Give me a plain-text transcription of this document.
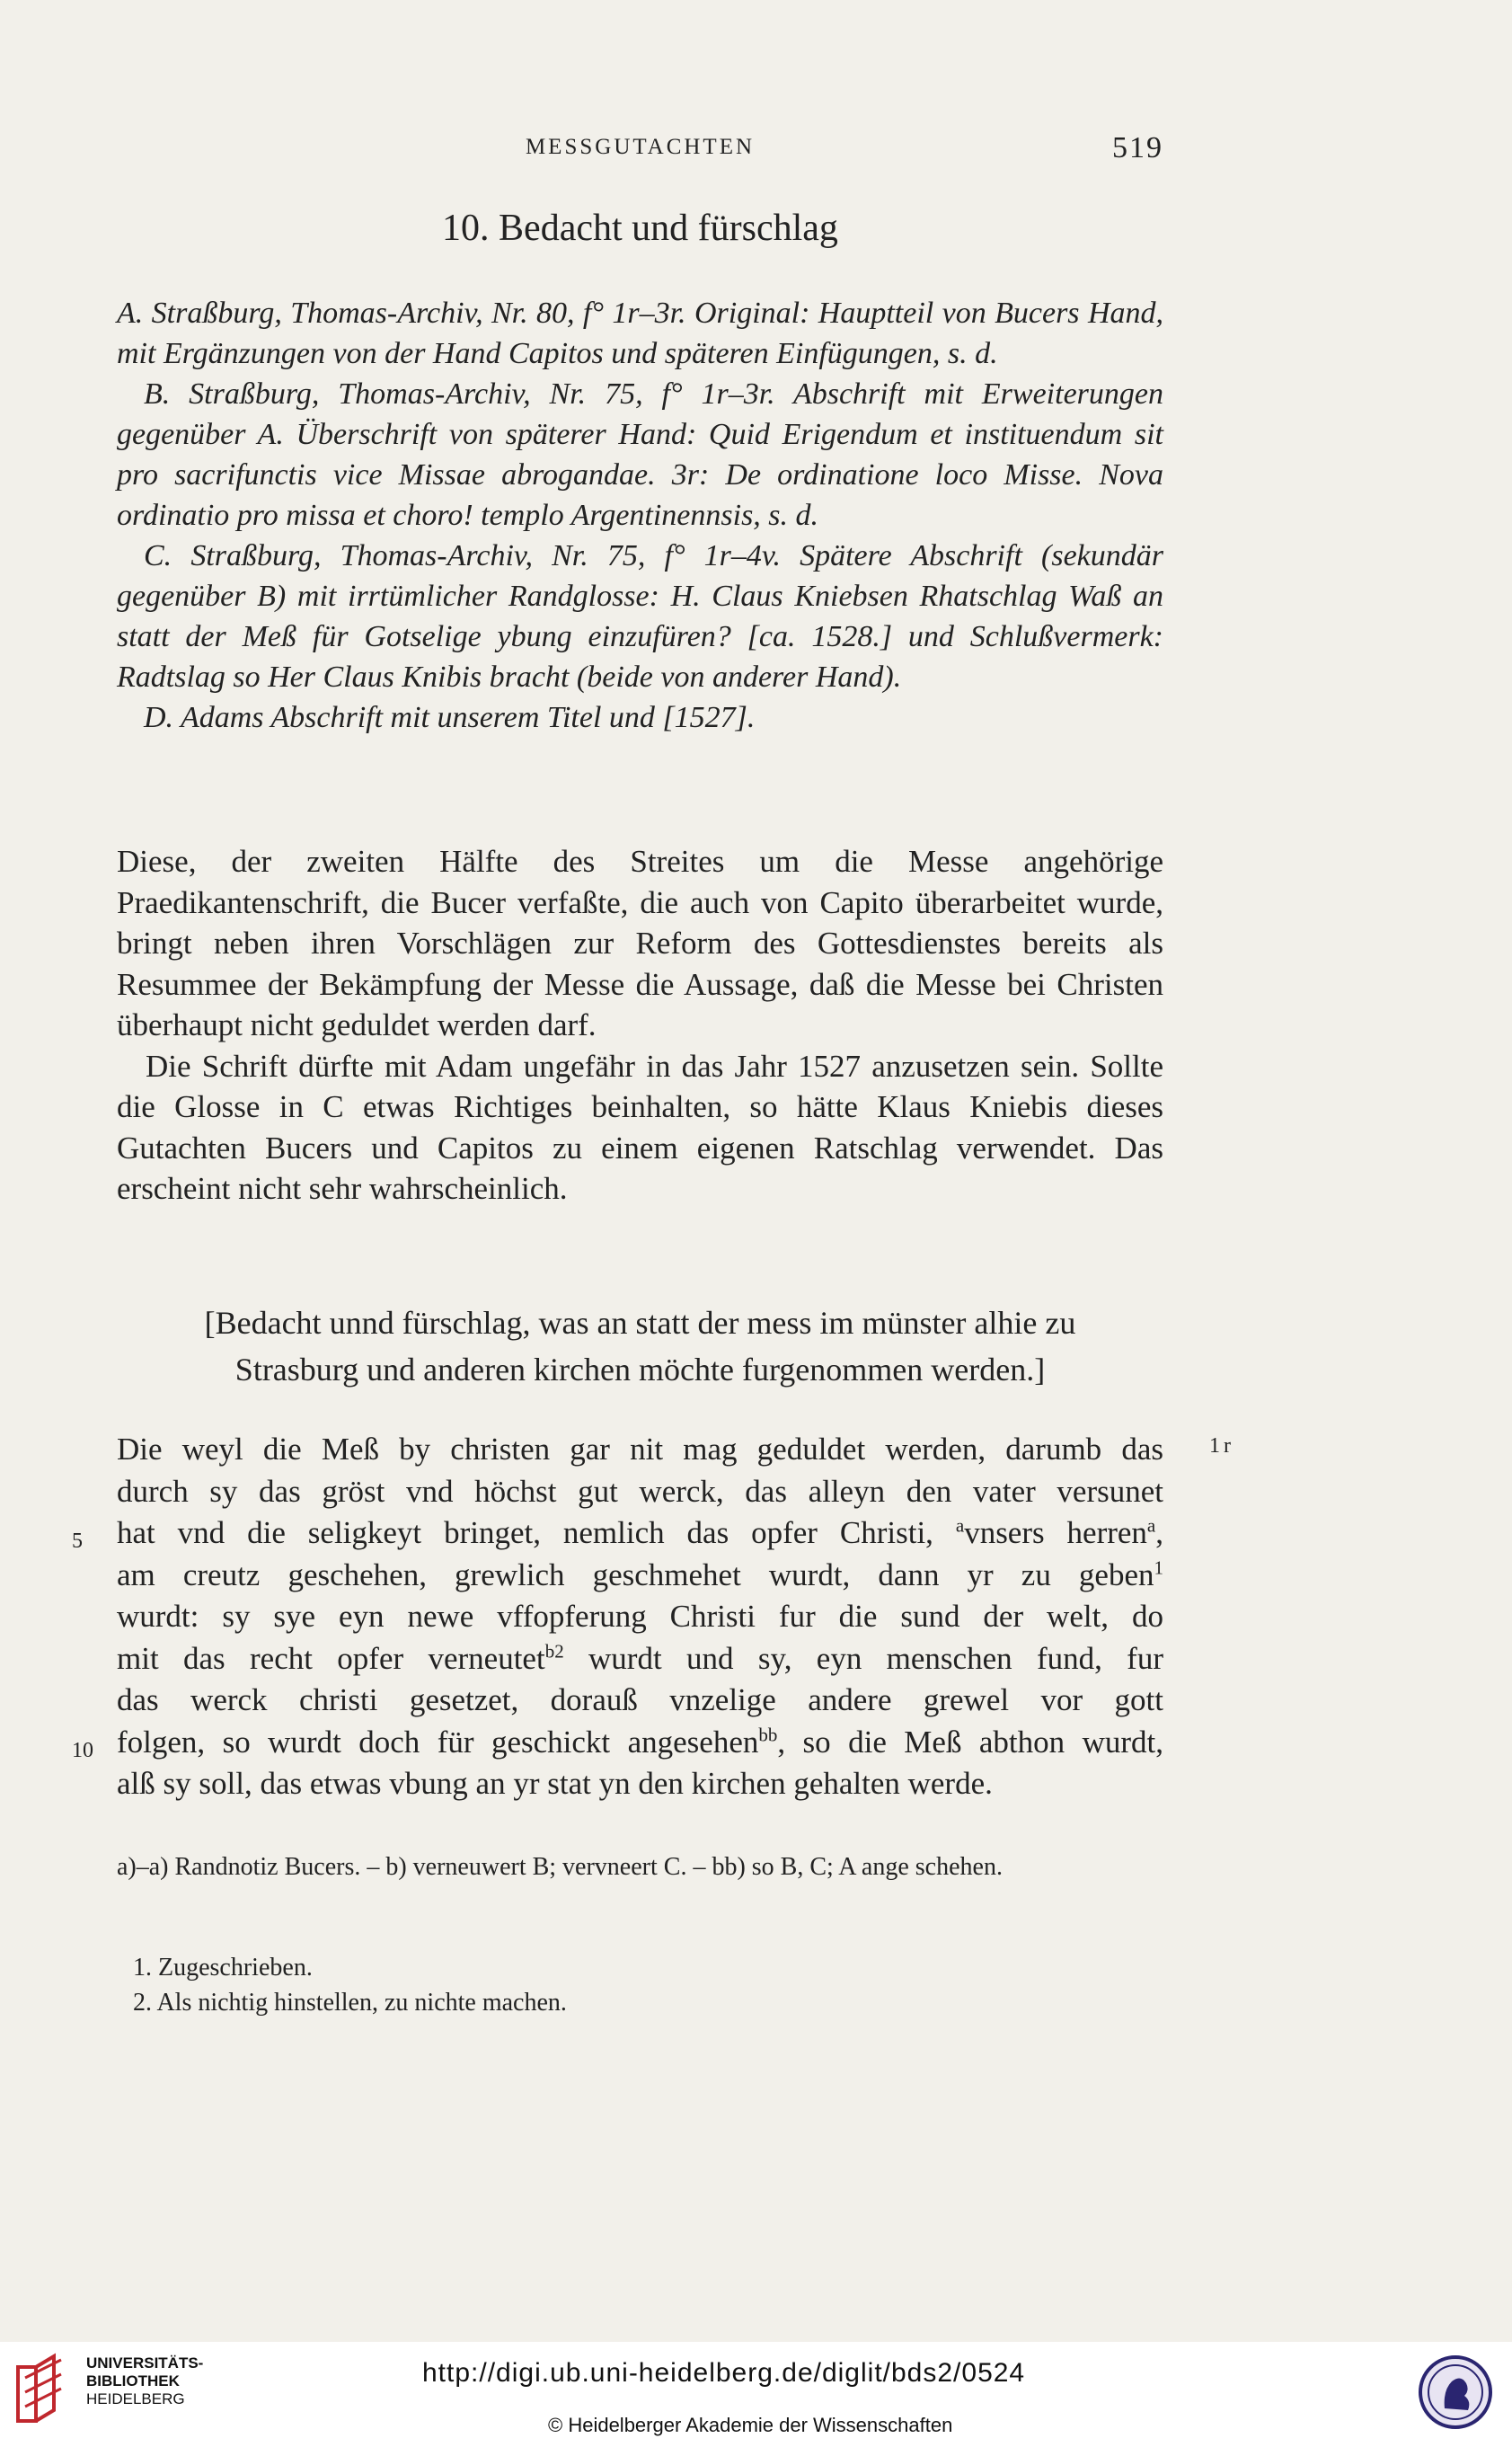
MESSGUTACHTEN	519
10. Bedacht und fürschlag

A. Straßburg, Thomas-Archiv, Nr. 80, f° 1r–3r. Original: Hauptteil von Bucers Hand, mit Ergänzungen von der Hand Capitos und späteren Einfügungen, s. d.

B. Straßburg, Thomas-Archiv, Nr. 75, f° 1r–3r. Abschrift mit Erweiterungen gegenüber A. Überschrift von späterer Hand: Quid Erigendum et instituendum sit pro sacrifunctis vice Missae abrogandae. 3r: De ordinatione loco Misse. Nova ordinatio pro missa et choro! templo Argentinennsis, s. d.

C. Straßburg, Thomas-Archiv, Nr. 75, f° 1r–4v. Spätere Abschrift (sekundär gegenüber B) mit irrtümlicher Randglosse: H. Claus Kniebsen Rhatschlag Waß an statt der Meß für Gotselige ybung einzufüren? [ca. 1528.] und Schlußvermerk: Radtslag so Her Claus Knibis bracht (beide von anderer Hand).

D. Adams Abschrift mit unserem Titel und [1527].

Diese, der zweiten Hälfte des Streites um die Messe angehörige Praedikantenschrift, die Bucer verfaßte, die auch von Capito überarbeitet wurde, bringt neben ihren Vorschlägen zur Reform des Gottesdienstes bereits als Resummee der Bekämpfung der Messe die Aussage, daß die Messe bei Christen überhaupt nicht geduldet werden darf.

Die Schrift dürfte mit Adam ungefähr in das Jahr 1527 anzusetzen sein. Sollte die Glosse in C etwas Richtiges beinhalten, so hätte Klaus Kniebis dieses Gutachten Bucers und Capitos zu einem eigenen Ratschlag verwendet. Das erscheint nicht sehr wahrscheinlich.

[Bedacht unnd fürschlag, was an statt der mess im münster alhie zu
Strasburg und anderen kirchen möchte furgenommen werden.]
1r
5
10
Die weyl die Meß by christen gar nit mag geduldet werden, darumb das
durch sy das gröst vnd höchst gut werck, das alleyn den vater versunet
hat vnd die seligkeyt bringet, nemlich das opfer Christi, $^a$vnsers herren$^a$,
am creutz geschehen, grewlich geschmehet wurdt, dann yr zu geben$^1$
wurdt: sy sye eyn newe vffopferung Christi fur die sund der welt, do
mit das recht opfer verneutet$^{b2}$ wurdt und sy, eyn menschen fund, fur
das werck christi gesetzet, dorauß vnzelige andere grewel vor gott
folgen, so wurdt doch für geschickt angesehen$^{bb}$, so die Meß abthon wurdt,
alß sy soll, das etwas vbung an yr stat yn den kirchen gehalten werde.

a)–a) Randnotiz Bucers. – b) verneuwert B; vervneert C. – bb) so B, C; A ange schehen.

1. Zugeschrieben.

2. Als nichtig hinstellen, zu nichte machen.

UNIVERSITÄTS-
BIBLIOTHEK
HEIDELBERG
http://digi.ub.uni-heidelberg.de/diglit/bds2/0524
© Heidelberger Akademie der Wissenschaften
